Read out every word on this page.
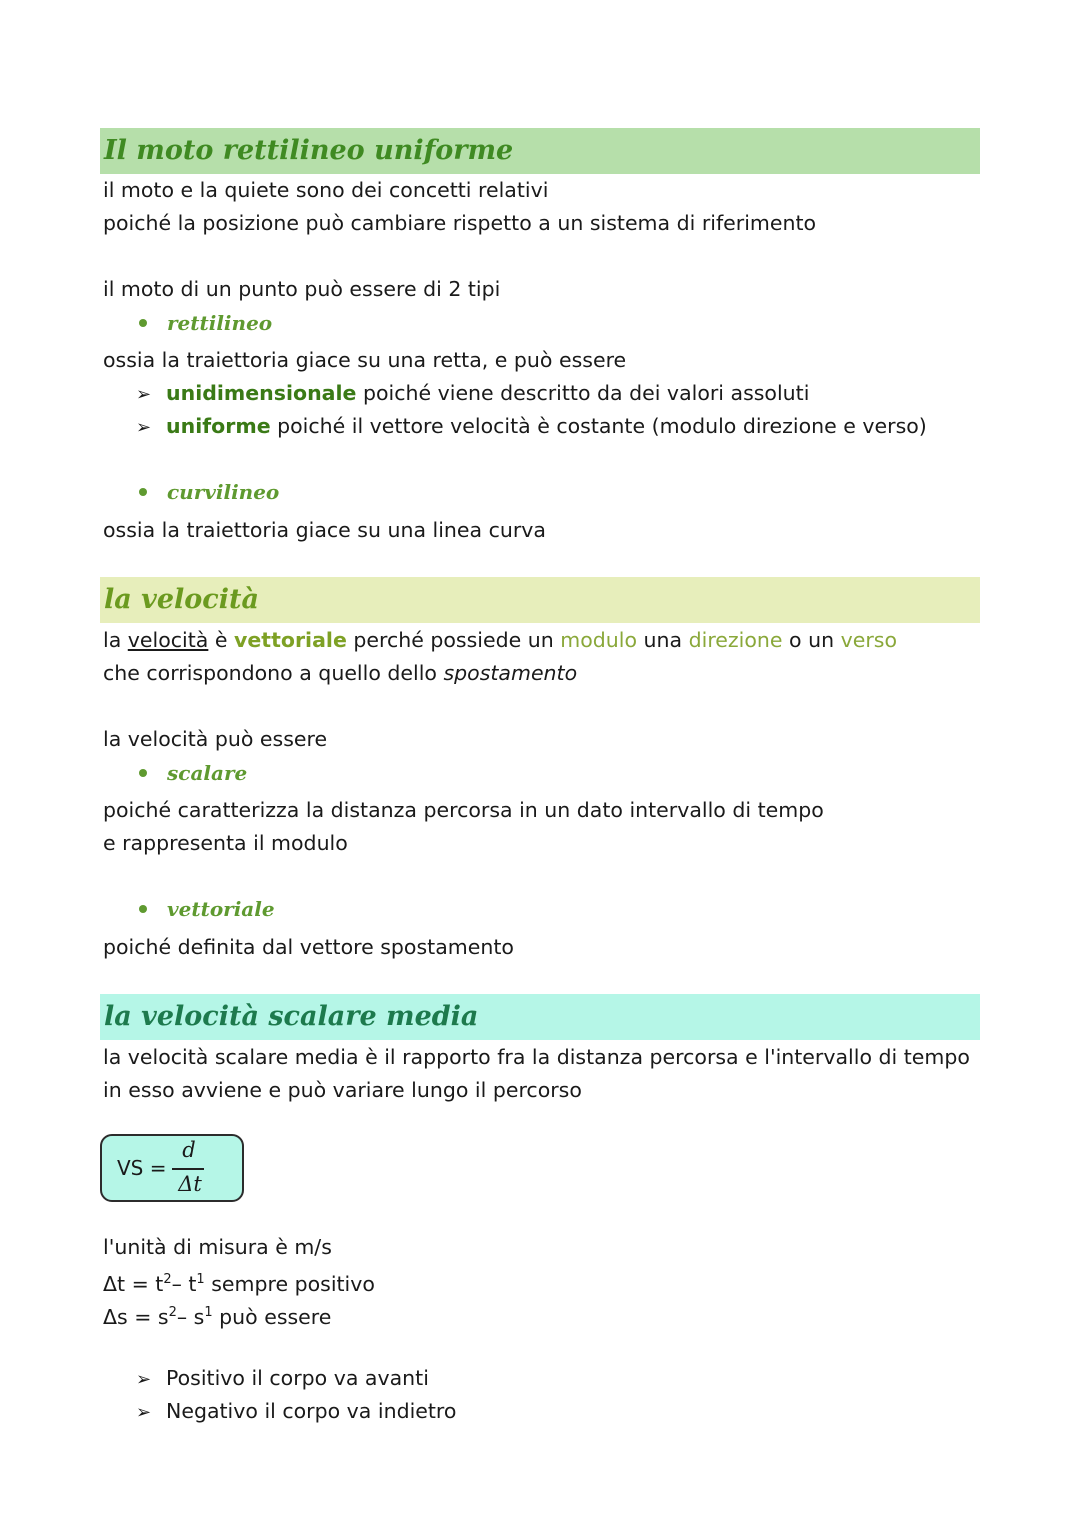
Il moto rettilineo uniforme
il moto e la quiete sono dei concetti relativi
poiché la posizione può cambiare rispetto a un sistema di riferimento
il moto di un punto può essere di 2 tipi
rettilineo
ossia la traiettoria giace su una retta, e può essere
➢ unidimensionale poiché viene descritto da dei valori assoluti
➢ uniforme poiché il vettore velocità è costante (modulo direzione e verso)
curvilineo
ossia la traiettoria giace su una linea curva
la velocità
la velocità è vettoriale perché possiede un modulo una direzione o un verso
che corrispondono a quello dello spostamento
la velocità può essere
scalare
poiché caratterizza la distanza percorsa in un dato intervallo di tempo
e rappresenta il modulo
vettoriale
poiché definita dal vettore spostamento
la velocità scalare media
la velocità scalare media è il rapporto fra la distanza percorsa e l'intervallo di tempo
in esso avviene e può variare lungo il percorso
VS =
d
Δt
l'unità di misura è m/s
$\Delta t = t^2-$ $t^1$ sempre positivo
$\Delta s = s^2-$ $s^1$ può essere
➢ Positivo il corpo va avanti
➢ Negativo il corpo va indietro
